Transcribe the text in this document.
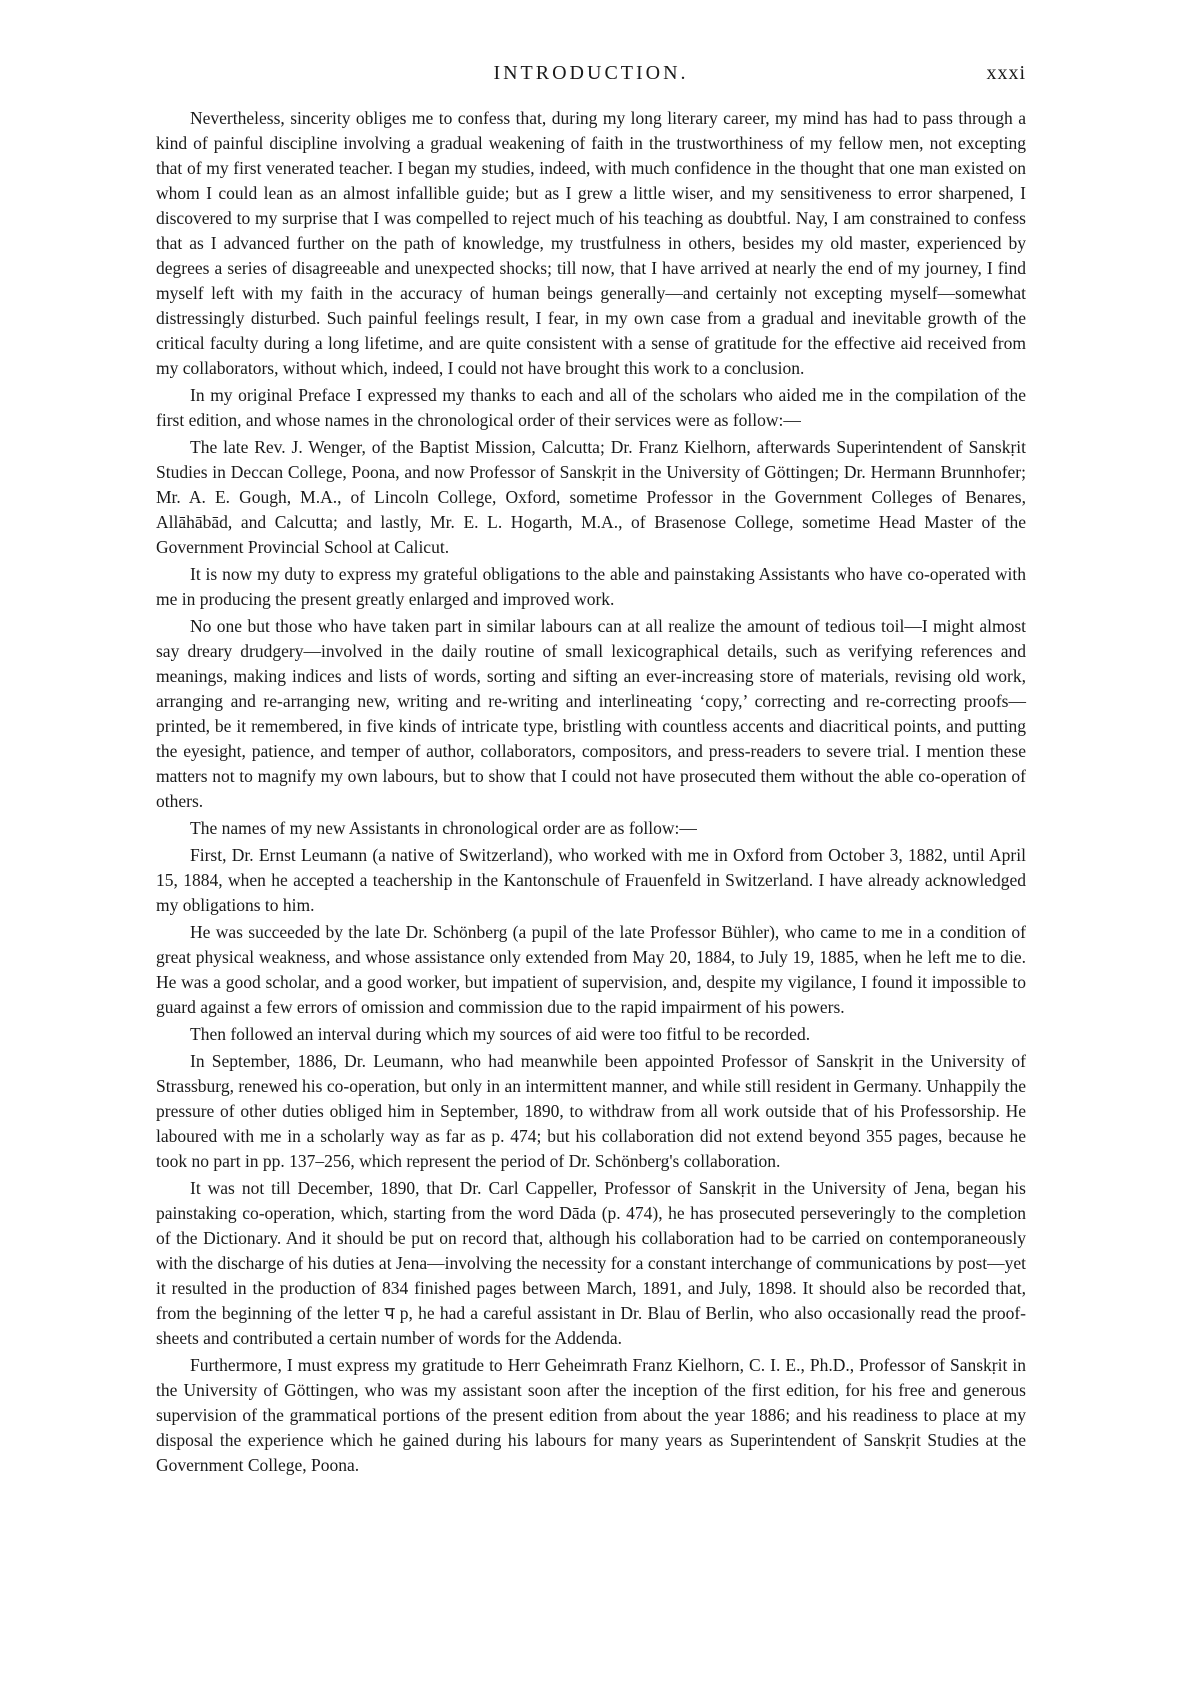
INTRODUCTION.	xxxi

Nevertheless, sincerity obliges me to confess that, during my long literary career, my mind has had to pass through a kind of painful discipline involving a gradual weakening of faith in the trustworthiness of my fellow men, not excepting that of my first venerated teacher. I began my studies, indeed, with much confidence in the thought that one man existed on whom I could lean as an almost infallible guide; but as I grew a little wiser, and my sensitiveness to error sharpened, I discovered to my surprise that I was compelled to reject much of his teaching as doubtful. Nay, I am constrained to confess that as I advanced further on the path of knowledge, my trustfulness in others, besides my old master, experienced by degrees a series of disagreeable and unexpected shocks; till now, that I have arrived at nearly the end of my journey, I find myself left with my faith in the accuracy of human beings generally—and certainly not excepting myself—somewhat distressingly disturbed. Such painful feelings result, I fear, in my own case from a gradual and inevitable growth of the critical faculty during a long lifetime, and are quite consistent with a sense of gratitude for the effective aid received from my collaborators, without which, indeed, I could not have brought this work to a conclusion.

In my original Preface I expressed my thanks to each and all of the scholars who aided me in the compilation of the first edition, and whose names in the chronological order of their services were as follow:—

The late Rev. J. Wenger, of the Baptist Mission, Calcutta; Dr. Franz Kielhorn, afterwards Superintendent of Sanskṛit Studies in Deccan College, Poona, and now Professor of Sanskṛit in the University of Göttingen; Dr. Hermann Brunnhofer; Mr. A. E. Gough, M.A., of Lincoln College, Oxford, sometime Professor in the Government Colleges of Benares, Allāhābād, and Calcutta; and lastly, Mr. E. L. Hogarth, M.A., of Brasenose College, sometime Head Master of the Government Provincial School at Calicut.

It is now my duty to express my grateful obligations to the able and painstaking Assistants who have co-operated with me in producing the present greatly enlarged and improved work.

No one but those who have taken part in similar labours can at all realize the amount of tedious toil—I might almost say dreary drudgery—involved in the daily routine of small lexicographical details, such as verifying references and meanings, making indices and lists of words, sorting and sifting an ever-increasing store of materials, revising old work, arranging and re-arranging new, writing and re-writing and interlineating ‘copy,’ correcting and re-correcting proofs—printed, be it remembered, in five kinds of intricate type, bristling with countless accents and diacritical points, and putting the eyesight, patience, and temper of author, collaborators, compositors, and press-readers to severe trial. I mention these matters not to magnify my own labours, but to show that I could not have prosecuted them without the able co-operation of others.

The names of my new Assistants in chronological order are as follow:—

First, Dr. Ernst Leumann (a native of Switzerland), who worked with me in Oxford from October 3, 1882, until April 15, 1884, when he accepted a teachership in the Kantonschule of Frauenfeld in Switzerland. I have already acknowledged my obligations to him.

He was succeeded by the late Dr. Schönberg (a pupil of the late Professor Bühler), who came to me in a condition of great physical weakness, and whose assistance only extended from May 20, 1884, to July 19, 1885, when he left me to die. He was a good scholar, and a good worker, but impatient of supervision, and, despite my vigilance, I found it impossible to guard against a few errors of omission and commission due to the rapid impairment of his powers.

Then followed an interval during which my sources of aid were too fitful to be recorded.

In September, 1886, Dr. Leumann, who had meanwhile been appointed Professor of Sanskṛit in the University of Strassburg, renewed his co-operation, but only in an intermittent manner, and while still resident in Germany. Unhappily the pressure of other duties obliged him in September, 1890, to withdraw from all work outside that of his Professorship. He laboured with me in a scholarly way as far as p. 474; but his collaboration did not extend beyond 355 pages, because he took no part in pp. 137–256, which represent the period of Dr. Schönberg's collaboration.

It was not till December, 1890, that Dr. Carl Cappeller, Professor of Sanskṛit in the University of Jena, began his painstaking co-operation, which, starting from the word Dāda (p. 474), he has prosecuted perseveringly to the completion of the Dictionary. And it should be put on record that, although his collaboration had to be carried on contemporaneously with the discharge of his duties at Jena—involving the necessity for a constant interchange of communications by post—yet it resulted in the production of 834 finished pages between March, 1891, and July, 1898. It should also be recorded that, from the beginning of the letter प p, he had a careful assistant in Dr. Blau of Berlin, who also occasionally read the proof-sheets and contributed a certain number of words for the Addenda.

Furthermore, I must express my gratitude to Herr Geheimrath Franz Kielhorn, C. I. E., Ph.D., Professor of Sanskṛit in the University of Göttingen, who was my assistant soon after the inception of the first edition, for his free and generous supervision of the grammatical portions of the present edition from about the year 1886; and his readiness to place at my disposal the experience which he gained during his labours for many years as Superintendent of Sanskṛit Studies at the Government College, Poona.
